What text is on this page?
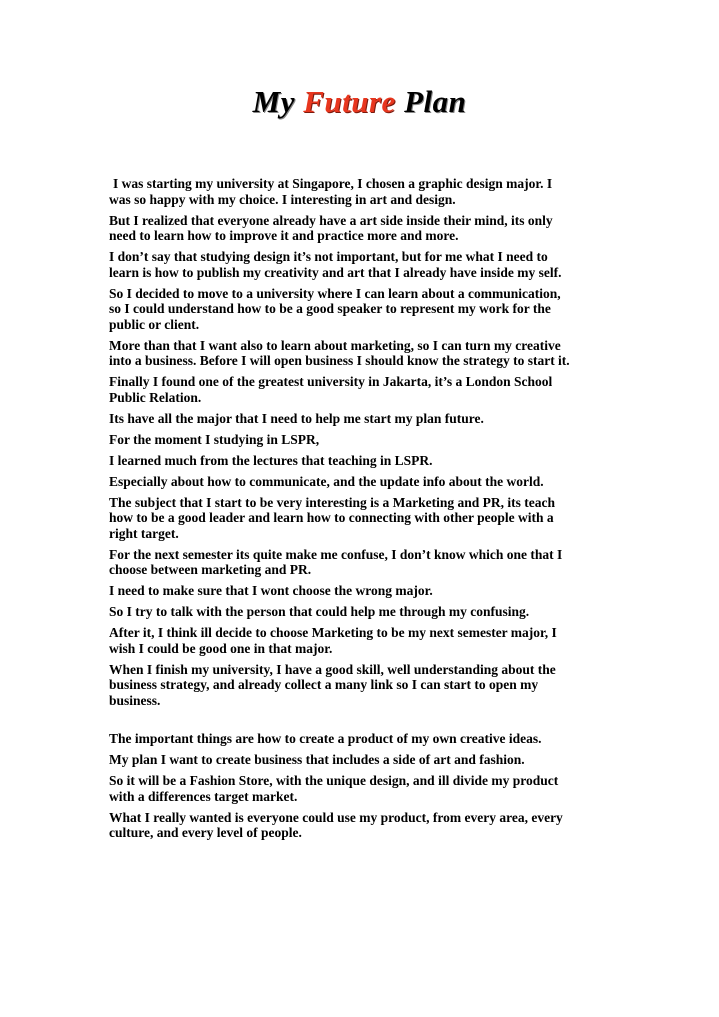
My Future Plan

I was starting my university at Singapore, I chosen a graphic design major. I
was so happy with my choice. I interesting in art and design.

But I realized that everyone already have a art side inside their mind, its only
need to learn how to improve it and practice more and more.

I don’t say that studying design it’s not important, but for me what I need to
learn is how to publish my creativity and art that I already have inside my self.

So I decided to move to a university where I can learn about a communication,
so I could understand how to be a good speaker to represent my work for the
public or client.

More than that I want also to learn about marketing, so I can turn my creative
into a business. Before I will open business I should know the strategy to start it.

Finally I found one of the greatest university in Jakarta, it’s a London School
Public Relation.

Its have all the major that I need to help me start my plan future.

For the moment I studying in LSPR,

I learned much from the lectures that teaching in LSPR.

Especially about how to communicate, and the update info about the world.

The subject that I start to be very interesting is a Marketing and PR, its teach
how to be a good leader and learn how to connecting with other people with a
right target.

For the next semester its quite make me confuse, I don’t know which one that I
choose between marketing and PR.

I need to make sure that I wont choose the wrong major.

So I try to talk with the person that could help me through my confusing.

After it, I think ill decide to choose Marketing to be my next semester major, I
wish I could be good one in that major.

When I finish my university, I have a good skill, well understanding about the
business strategy, and already collect a many link so I can start to open my
business.

The important things are how to create a product of my own creative ideas.

My plan I want to create business that includes a side of art and fashion.

So it will be a Fashion Store, with the unique design, and ill divide my product
with a differences target market.

What I really wanted is everyone could use my product, from every area, every
culture, and every level of people.
